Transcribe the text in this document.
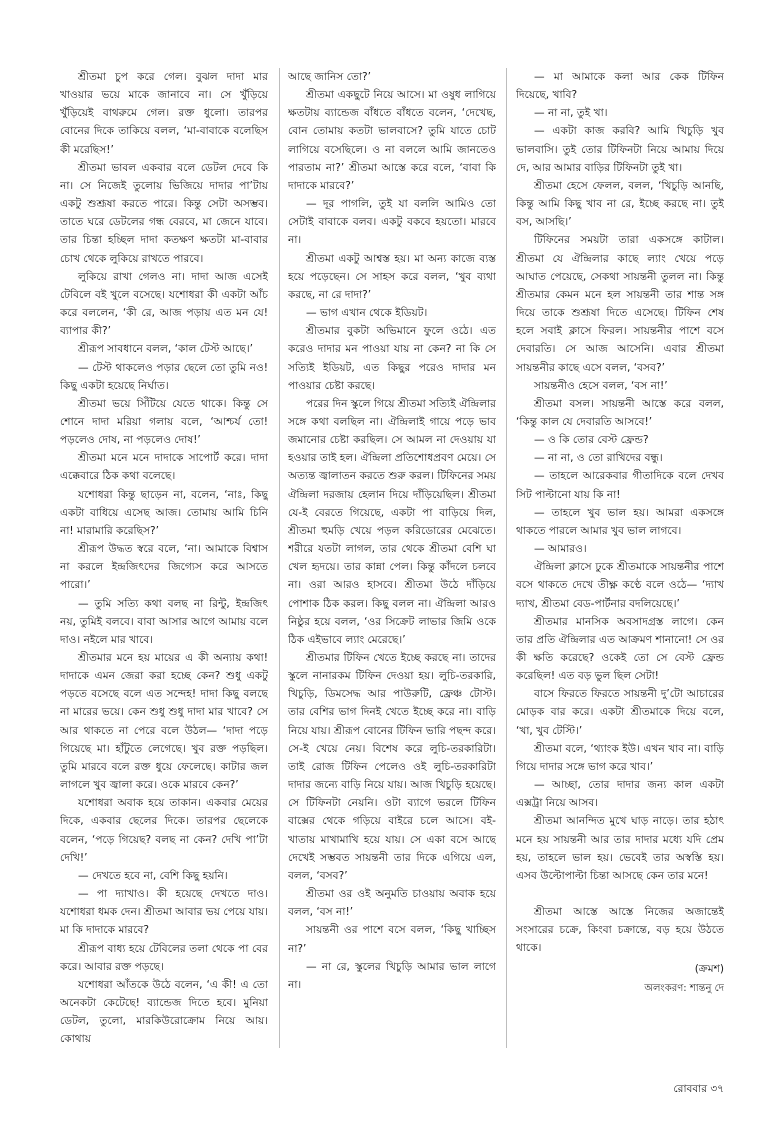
শ্রীতমা চুপ করে গেল। বুঝল দাদা মার খাওয়ার ভয়ে মাকে জানাবে না। সে খুঁড়িয়ে খুঁড়িয়েই বাথরুমে গেল। রক্ত ধুলো। তারপর বোনের দিকে তাকিয়ে বলল, ‘মা-বাবাকে বলেছিস কী মরেছিস!’

শ্রীতমা ভাবল একবার বলে ডেটল দেবে কি না। সে নিজেই তুলোয় ভিজিয়ে দাদার পা’টায় একটু শুশ্রূষা করতে পারে। কিন্তু সেটা অসম্ভব। তাতে ঘরে ডেটলের গন্ধ বেরবে, মা জেনে যাবে। তার চিন্তা হচ্ছিল দাদা কতক্ষণ ক্ষতটা মা-বাবার চোখ থেকে লুকিয়ে রাখতে পারবে।

লুকিয়ে রাখা গেলও না। দাদা আজ এসেই টেবিলে বই খুলে বসেছে। যশোধরা কী একটা আঁচ করে বললেন, ‘কী রে, আজ পড়ায় এত মন যে! ব্যাপার কী?’

শ্রীরূপ সাবধানে বলল, ‘কাল টেস্ট আছে।’

— টেস্ট থাকলেও পড়ার ছেলে তো তুমি নও! কিছু একটা হয়েছে নির্ঘাত।

শ্রীতমা ভয়ে সিঁটিয়ে যেতে থাকে। কিন্তু সে শোনে দাদা মরিয়া গলায় বলে, ‘আশ্চর্য তো! পড়লেও দোষ, না পড়লেও দোষ!’

শ্রীতমা মনে মনে দাদাকে সাপোর্ট করে। দাদা এক্কেবারে ঠিক কথা বলেছে।

যশোধরা কিন্তু ছাড়েন না, বলেন, ‘নাঃ, কিছু একটা বাধিয়ে এসেছ আজ। তোমায় আমি চিনি না! মারামারি করেছিস?’

শ্রীরূপ উদ্ধত স্বরে বলে, ‘না। আমাকে বিশ্বাস না করলে ইন্দ্রজিৎদের জিগ্যেস করে আসতে পারো।’

— তুমি সত্যি কথা বলছ না রিন্টু, ইন্দ্রজিৎ নয়, তুমিই বলবে। বাবা আসার আগে আমায় বলে দাও। নইলে মার খাবে।

শ্রীতমার মনে হয় মায়ের এ কী অন্যায় কথা! দাদাকে এমন জেরা করা হচ্ছে কেন? শুধু একটু পড়তে বসেছে বলে এত সন্দেহ! দাদা কিছু বলছে না মারের ভয়ে। কেন শুধু শুধু দাদা মার খাবে? সে আর থাকতে না পেরে বলে উঠল— ‘দাদা পড়ে গিয়েছে মা। হাঁটুতে লেগেছে। খুব রক্ত পড়ছিল। তুমি মারবে বলে রক্ত ধুয়ে ফেলেছে। কাটার জল লাগলে খুব জ্বালা করে। ওকে মারবে কেন?’

যশোধরা অবাক হয়ে তাকান। একবার মেয়ের দিকে, একবার ছেলের দিকে। তারপর ছেলেকে বলেন, ‘পড়ে গিয়েছ? বলছ না কেন? দেখি পা’টা দেখি!’

— দেখতে হবে না, বেশি কিছু হয়নি।

— পা দ্যাখাও। কী হয়েছে দেখতে দাও। যশোধরা ধমক দেন। শ্রীতমা আবার ভয় পেয়ে যায়। মা কি দাদাকে মারবে?

শ্রীরূপ বাধ্য হয়ে টেবিলের তলা থেকে পা বের করে। আবার রক্ত পড়ছে।

যশোধরা আঁতকে উঠে বলেন, ‘এ কী! এ তো অনেকটা কেটেছে! ব্যান্ডেজ দিতে হবে। মুনিয়া ডেটল, তুলো, মারকিউরোক্রোম নিয়ে আয়। কোথায়

আছে জানিস তো?’

শ্রীতমা একছুটে নিয়ে আসে। মা ওষুধ লাগিয়ে ক্ষতটায় ব্যান্ডেজ বাঁধতে বাঁধতে বলেন, ‘দেখেছ, বোন তোমায় কতটা ভালবাসে? তুমি যাতে চোট লাগিয়ে বসেছিলে। ও না বললে আমি জানতেও পারতাম না?’ শ্রীতমা আস্তে করে বলে, ‘বাবা কি দাদাকে মারবে?’

— দূর পাগলি, তুই যা বললি আমিও তো সেটাই বাবাকে বলব। একটু বকবে হয়তো। মারবে না।

শ্রীতমা একটু আশ্বস্ত হয়। মা অন্য কাজে ব্যস্ত হয়ে পড়েছেন। সে সাহস করে বলল, ‘খুব ব্যথা করছে, না রে দাদা?’

— ভাগ এখান থেকে ইডিয়ট।

শ্রীতমার বুকটা অভিমানে ফুলে ওঠে। এত করেও দাদার মন পাওয়া যায় না কেন? না কি সে সত্যিই ইডিয়ট, এত কিছুর পরেও দাদার মন পাওয়ার চেষ্টা করছে।

পরের দিন স্কুলে গিয়ে শ্রীতমা সত্যিই ঐন্দ্রিলার সঙ্গে কথা বলছিল না। ঐন্দ্রিলাই গায়ে পড়ে ভাব জমানোর চেষ্টা করছিল। সে আমল না দেওয়ায় যা হওয়ার তাই হল। ঐন্দ্রিলা প্রতিশোধপ্রবণ মেয়ে। সে অত্যন্ত জ্বালাতন করতে শুরু করল। টিফিনের সময় ঐন্দ্রিলা দরজায় হেলান দিয়ে দাঁড়িয়েছিল। শ্রীতমা যে-ই বেরতে গিয়েছে, একটা পা বাড়িয়ে দিল, শ্রীতমা হুমড়ি খেয়ে পড়ল করিডোরের মেঝেতে। শরীরে যতটা লাগল, তার থেকে শ্রীতমা বেশি ঘা খেল হৃদয়ে। তার কান্না পেল। কিন্তু কাঁদলে চলবে না। ওরা আরও হাসবে। শ্রীতমা উঠে দাঁড়িয়ে পোশাক ঠিক করল। কিছু বলল না। ঐন্দ্রিলা আরও নিষ্ঠুর হয়ে বলল, ‘ওর সিক্রেট লাভার জিমি ওকে ঠিক এইভাবে ল্যাং মেরেছে।’

শ্রীতমার টিফিন খেতে ইচ্ছে করছে না। তাদের স্কুলে নানারকম টিফিন দেওয়া হয়। লুচি-তরকারি, খিচুড়ি, ডিমসেদ্ধ আর পাউরুটি, ফ্রেঞ্চ টোস্ট। তার বেশির ভাগ দিনই খেতে ইচ্ছে করে না। বাড়ি নিয়ে যায়। শ্রীরূপ বোনের টিফিন ভারি পছন্দ করে। সে-ই খেয়ে নেয়। বিশেষ করে লুচি-তরকারিটা। তাই রোজ টিফিন পেলেও ওই লুচি-তরকারিটা দাদার জন্যে বাড়ি নিয়ে যায়। আজ খিচুড়ি হয়েছে। সে টিফিনটা নেয়নি। ওটা ব্যাগে ভরলে টিফিন বাক্সের থেকে গড়িয়ে বাইরে চলে আসে। বই-খাতায় মাখামাখি হয়ে যায়। সে একা বসে আছে দেখেই সম্ভবত সায়ন্তনী তার দিকে এগিয়ে এল, বলল, ‘বসব?’

শ্রীতমা ওর ওই অনুমতি চাওয়ায় অবাক হয়ে বলল, ‘বস না!’

সায়ন্তনী ওর পাশে বসে বলল, ‘কিছু খাচ্ছিস না?’

— না রে, স্কুলের খিচুড়ি আমার ভাল লাগে না।

— মা আমাকে কলা আর কেক টিফিন দিয়েছে, খাবি?

— না না, তুই খা।

— একটা কাজ করবি? আমি খিচুড়ি খুব ভালবাসি। তুই তোর টিফিনটা নিয়ে আমায় দিয়ে দে, আর আমার বাড়ির টিফিনটা তুই খা।

শ্রীতমা হেসে ফেলল, বলল, ‘খিচুড়ি আনছি, কিন্তু আমি কিছু খাব না রে, ইচ্ছে করছে না। তুই বস, আসছি।’

টিফিনের সময়টা তারা একসঙ্গে কাটাল। শ্রীতমা যে ঐন্দ্রিলার কাছে ল্যাং খেয়ে পড়ে আঘাত পেয়েছে, সেকথা সায়ন্তনী তুলল না। কিন্তু শ্রীতমার কেমন মনে হল সায়ন্তনী তার শান্ত সঙ্গ দিয়ে তাকে শুশ্রূষা দিতে এসেছে। টিফিন শেষ হলে সবাই ক্লাসে ফিরল। সায়ন্তনীর পাশে বসে দেবারতি। সে আজ আসেনি। এবার শ্রীতমা সায়ন্তনীর কাছে এসে বলল, ‘বসব?’

সায়ন্তনীও হেসে বলল, ‘বস না!’

শ্রীতমা বসল। সায়ন্তনী আস্তে করে বলল, ‘কিন্তু কাল যে দেবারতি আসবে!’

— ও কি তোর বেস্ট ফ্রেন্ড?

— না না, ও তো রাখিদের বন্ধু।

— তাহলে আরেকবার গীতাদিকে বলে দেখব সিট পাল্টানো যায় কি না!

— তাহলে খুব ভাল হয়। আমরা একসঙ্গে থাকতে পারলে আমার খুব ভাল লাগবে।

— আমারও।

ঐন্দ্রিলা ক্লাসে ঢুকে শ্রীতমাকে সায়ন্তনীর পাশে বসে থাকতে দেখে তীক্ষ্ণ কণ্ঠে বলে ওঠে— ‘দ্যাখ দ্যাখ, শ্রীতমা বেড-পার্টনার বদলিয়েছে।’

শ্রীতমার মানসিক অবসাদগ্রস্ত লাগে। কেন তার প্রতি ঐন্দ্রিলার এত আক্রমণ শানানো! সে ওর কী ক্ষতি করেছে? ওকেই তো সে বেস্ট ফ্রেন্ড করেছিল! এত বড় ভুল ছিল সেটা!

বাসে ফিরতে ফিরতে সায়ন্তনী দু’টো আচারের মোড়ক বার করে। একটা শ্রীতমাকে দিয়ে বলে, ‘খা, খুব টেস্টি।’

শ্রীতমা বলে, ‘থ্যাংক ইউ। এখন খাব না। বাড়ি গিয়ে দাদার সঙ্গে ভাগ করে খাব।’

— আচ্ছা, তোর দাদার জন্য কাল একটা এক্সট্রা নিয়ে আসব।

শ্রীতমা আনন্দিত মুখে ঘাড় নাড়ে। তার হঠাৎ মনে হয় সায়ন্তনী আর তার দাদার মধ্যে যদি প্রেম হয়, তাহলে ভাল হয়। ভেবেই তার অস্বস্তি হয়। এসব উল্টোপাল্টা চিন্তা আসছে কেন তার মনে!

শ্রীতমা আস্তে আস্তে নিজের অজান্তেই সংসারের চক্রে, কিংবা চক্রান্তে, বড় হয়ে উঠতে থাকে।

(ক্রমশ)
অলংকরণ: শান্তনু দে
রোববার ৩৭
